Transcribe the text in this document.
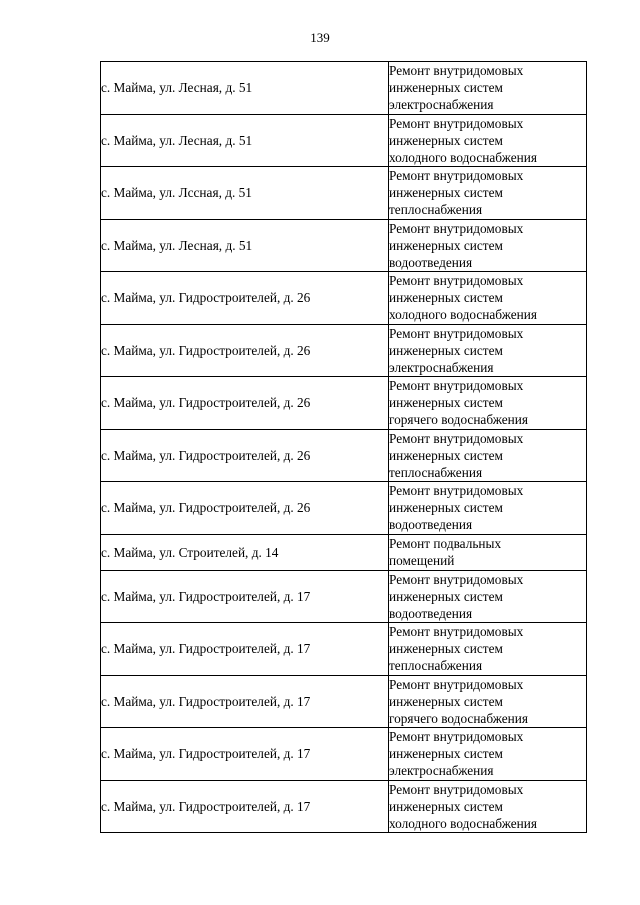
139
с. Майма, ул. Лесная, д. 51	Ремонт внутридомовых
инженерных систем
электроснабжения

с. Майма, ул. Лесная, д. 51	Ремонт внутридомовых
инженерных систем
холодного водоснабжения

с. Майма, ул. Лсcная, д. 51	Ремонт внутридомовых
инженерных систем
теплоснабжения

с. Майма, ул. Лесная, д. 51	Ремонт внутридомовых
инженерных систем
водоотведения

с. Майма, ул. Гидростроителей, д. 26	Ремонт внутридомовых
инженерных систем
холодного водоснабжения

с. Майма, ул. Гидростроителей, д. 26	Ремонт внутридомовых
инженерных систем
электроснабжения

с. Майма, ул. Гидростроителей, д. 26	Ремонт внутридомовых
инженерных систем
горячего водоснабжения

с. Майма, ул. Гидростроителей, д. 26	Ремонт внутридомовых
инженерных систем
теплоснабжения

с. Майма, ул. Гидростроителей, д. 26	Ремонт внутридомовых
инженерных систем
водоотведения

с. Майма, ул. Строителей, д. 14	Ремонт подвальных
помещений

с. Майма, ул. Гидростроителей, д. 17	Ремонт внутридомовых
инженерных систем
водоотведения

с. Майма, ул. Гидростроителей, д. 17	Ремонт внутридомовых
инженерных систем
теплоснабжения

с. Майма, ул. Гидростроителей, д. 17	Ремонт внутридомовых
инженерных систем
горячего водоснабжения

с. Майма, ул. Гидростроителей, д. 17	Ремонт внутридомовых
инженерных систем
электроснабжения

с. Майма, ул. Гидростроителей, д. 17	Ремонт внутридомовых
инженерных систем
холодного водоснабжения
